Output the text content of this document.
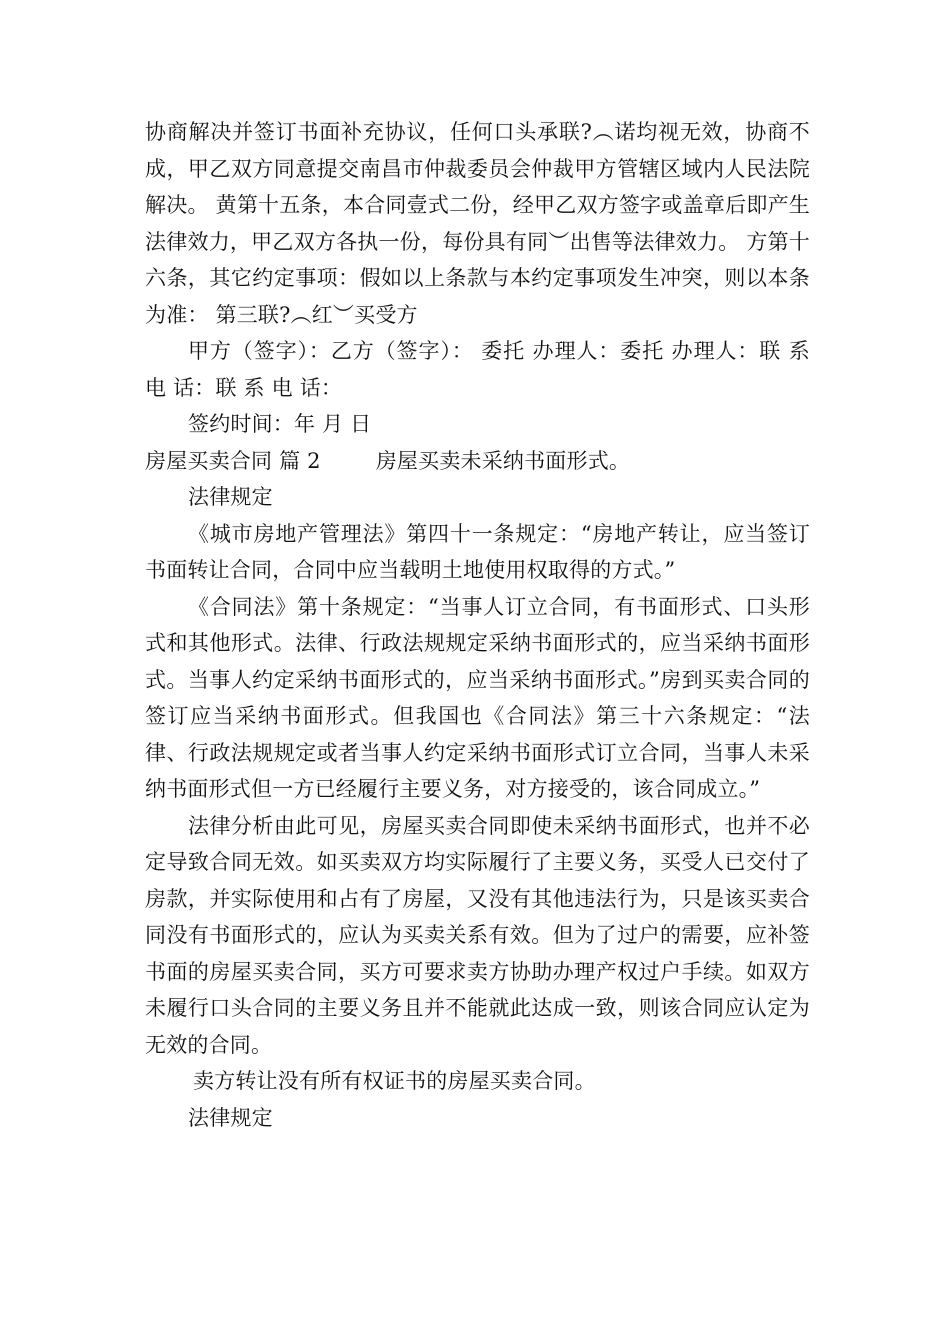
协商解决并签订书面补充协议，任何口头承联?︵诺均视无效，协商不成，甲乙双方同意提交南昌市仲裁委员会仲裁甲方管辖区域内人民法院解决。 黄第十五条，本合同壹式二份，经甲乙双方签字或盖章后即产生法律效力，甲乙双方各执一份，每份具有同︶出售等法律效力。 方第十六条，其它约定事项：假如以上条款与本约定事项发生冲突，则以本条为准： 第三联?︵红︶买受方

甲方（签字）：乙方（签字）： 委托 办理人：委托 办理人：联 系 电 话：联 系 电 话：

签约时间：年 月 日

房屋买卖合同 篇 2        房屋买卖未采纳书面形式。

法律规定

《城市房地产管理法》第四十一条规定：“房地产转让，应当签订书面转让合同，合同中应当载明土地使用权取得的方式。”

《合同法》第十条规定：“当事人订立合同，有书面形式、口头形式和其他形式。法律、行政法规规定采纳书面形式的，应当采纳书面形式。当事人约定采纳书面形式的，应当采纳书面形式。”房到买卖合同的签订应当采纳书面形式。但我国也《合同法》第三十六条规定：“法律、行政法规规定或者当事人约定采纳书面形式订立合同，当事人未采纳书面形式但一方已经履行主要义务，对方接受的，该合同成立。”

法律分析由此可见，房屋买卖合同即使未采纳书面形式，也并不必定导致合同无效。如买卖双方均实际履行了主要义务，买受人已交付了房款，并实际使用和占有了房屋，又没有其他违法行为，只是该买卖合同没有书面形式的，应认为买卖关系有效。但为了过户的需要，应补签书面的房屋买卖合同，买方可要求卖方协助办理产权过户手续。如双方未履行口头合同的主要义务且并不能就此达成一致，则该合同应认定为无效的合同。

卖方转让没有所有权证书的房屋买卖合同。

法律规定
